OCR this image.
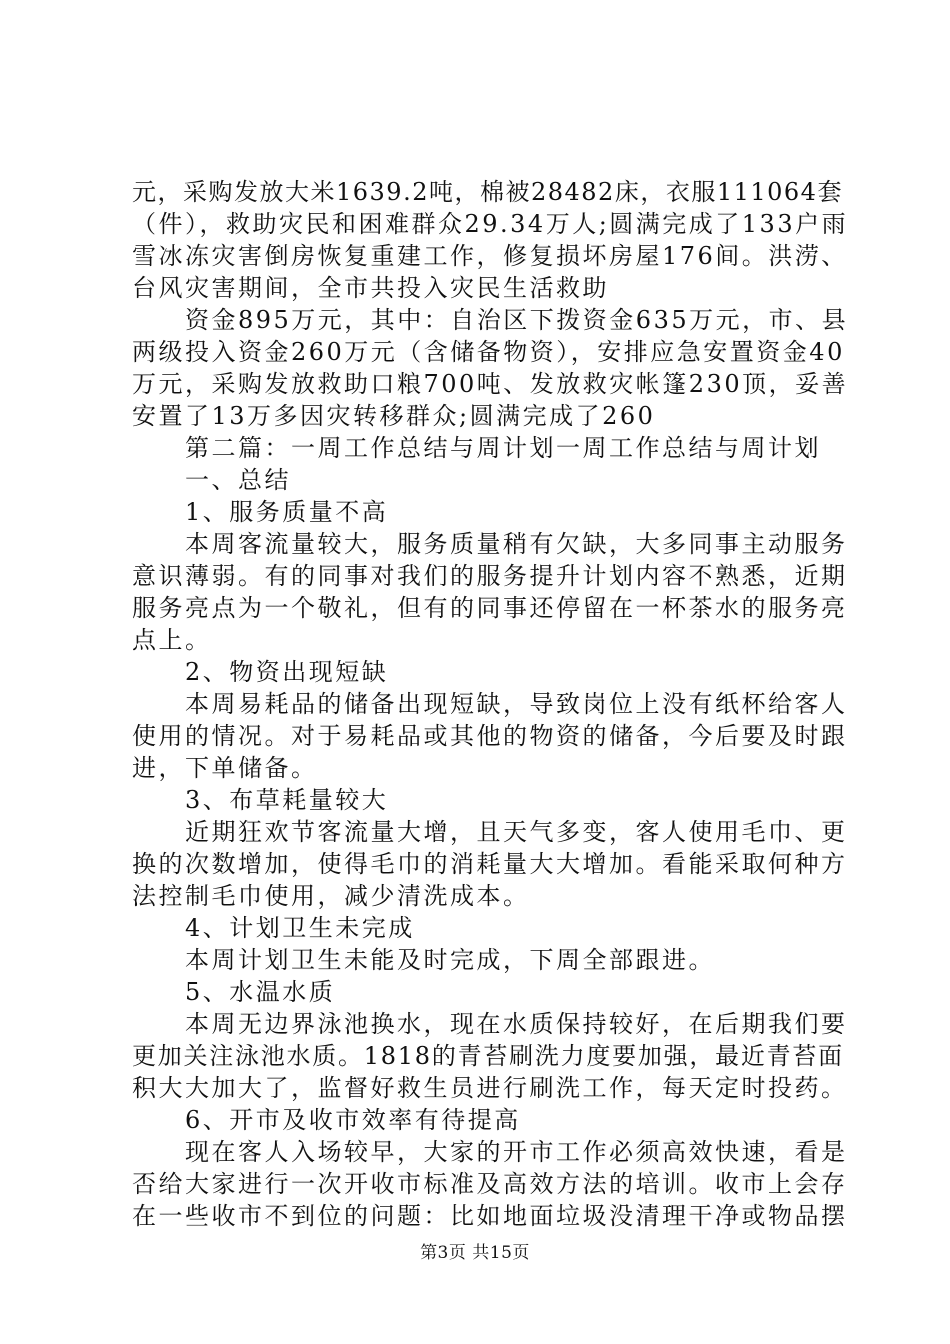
元，采购发放大米1639.2吨，棉被28482床，衣服111064套
（件），救助灾民和困难群众29.34万人;圆满完成了133户雨
雪冰冻灾害倒房恢复重建工作，修复损坏房屋176间。洪涝、
台风灾害期间，全市共投入灾民生活救助
　　资金895万元，其中：自治区下拨资金635万元，市、县
两级投入资金260万元（含储备物资），安排应急安置资金40
万元，采购发放救助口粮700吨、发放救灾帐篷230顶，妥善
安置了13万多因灾转移群众;圆满完成了260
　　第二篇：一周工作总结与周计划一周工作总结与周计划
　　一、总结
　　1、服务质量不高
　　本周客流量较大，服务质量稍有欠缺，大多同事主动服务
意识薄弱。有的同事对我们的服务提升计划内容不熟悉，近期
服务亮点为一个敬礼，但有的同事还停留在一杯茶水的服务亮
点上。
　　2、物资出现短缺
　　本周易耗品的储备出现短缺，导致岗位上没有纸杯给客人
使用的情况。对于易耗品或其他的物资的储备，今后要及时跟
进，下单储备。
　　3、布草耗量较大
　　近期狂欢节客流量大增，且天气多变，客人使用毛巾、更
换的次数增加，使得毛巾的消耗量大大增加。看能采取何种方
法控制毛巾使用，减少清洗成本。
　　4、计划卫生未完成
　　本周计划卫生未能及时完成，下周全部跟进。
　　5、水温水质
　　本周无边界泳池换水，现在水质保持较好，在后期我们要
更加关注泳池水质。1818的青苔刷洗力度要加强，最近青苔面
积大大加大了，监督好救生员进行刷洗工作，每天定时投药。
　　6、开市及收市效率有待提高
　　现在客人入场较早，大家的开市工作必须高效快速，看是
否给大家进行一次开收市标准及高效方法的培训。收市上会存
在一些收市不到位的问题：比如地面垃圾没清理干净或物品摆
第3页 共15页
